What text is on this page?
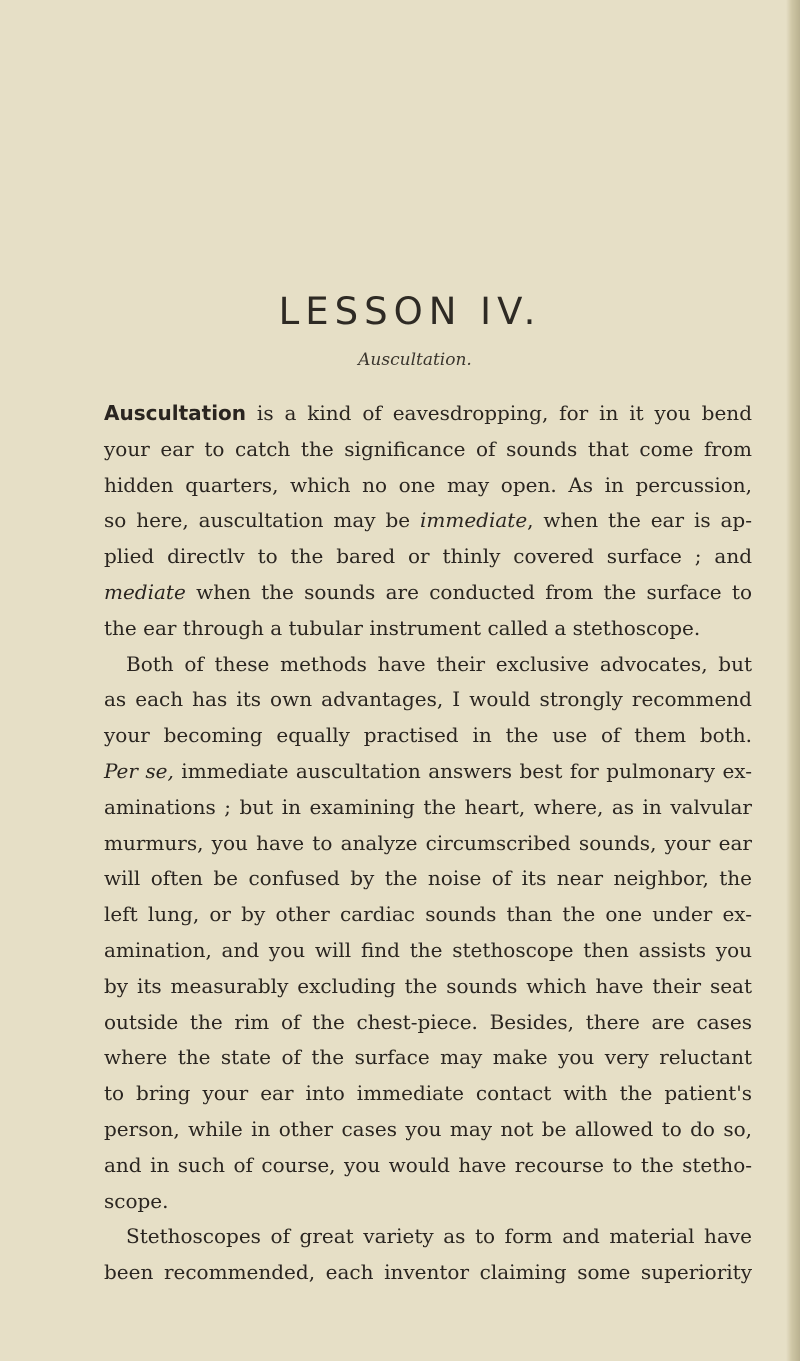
LESSON IV.
Auscultation.
Auscultation is a kind of eavesdropping, for in it you bend
your ear to catch the significance of sounds that come from
hidden quarters, which no one may open. As in percussion,
so here, auscultation may be immediate, when the ear is ap-
plied directlv to the bared or thinly covered surface ; and
mediate when the sounds are conducted from the surface to
the ear through a tubular instrument called a stethoscope.
Both of these methods have their exclusive advocates, but
as each has its own advantages, I would strongly recommend
your becoming equally practised in the use of them both.
Per se, immediate auscultation answers best for pulmonary ex-
aminations ; but in examining the heart, where, as in valvular
murmurs, you have to analyze circumscribed sounds, your ear
will often be confused by the noise of its near neighbor, the
left lung, or by other cardiac sounds than the one under ex-
amination, and you will find the stethoscope then assists you
by its measurably excluding the sounds which have their seat
outside the rim of the chest-piece. Besides, there are cases
where the state of the surface may make you very reluctant
to bring your ear into immediate contact with the patient's
person, while in other cases you may not be allowed to do so,
and in such of course, you would have recourse to the stetho-
scope.
Stethoscopes of great variety as to form and material have
been recommended, each inventor claiming some superiority
